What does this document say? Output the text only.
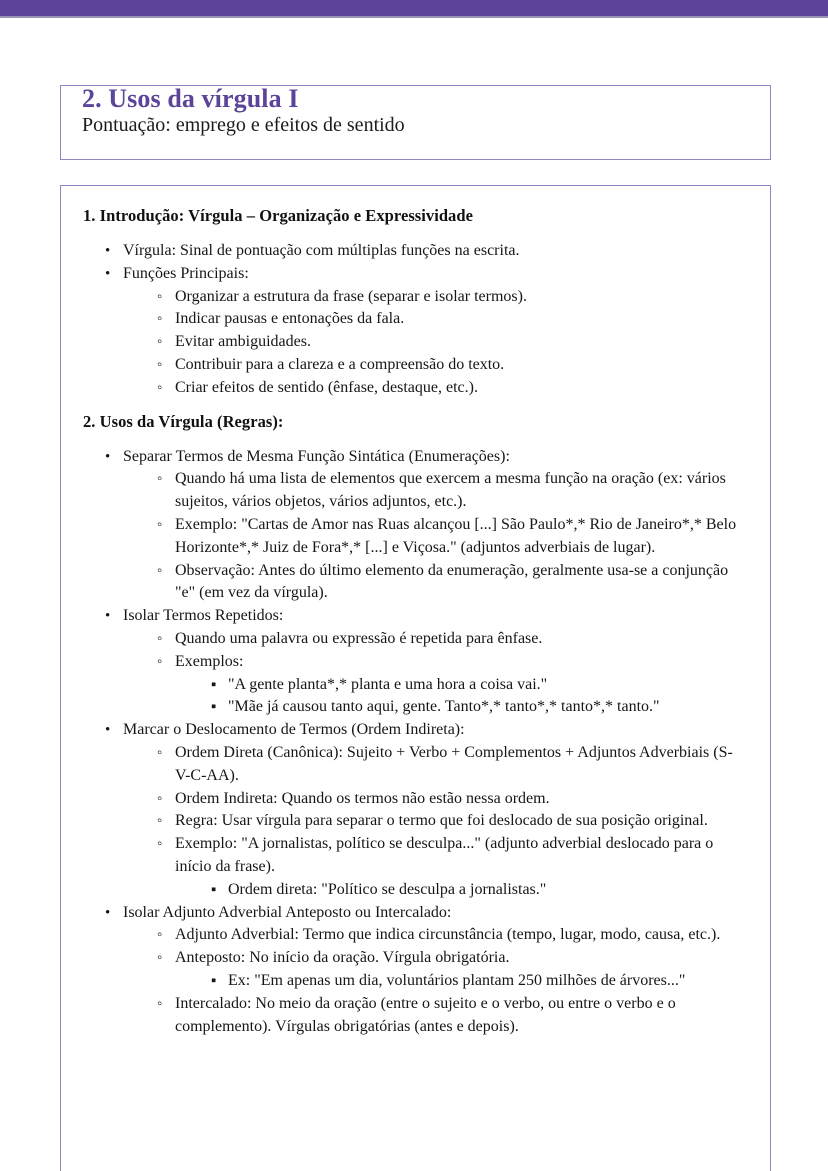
2. Usos da vírgula I
Pontuação: emprego e efeitos de sentido
1. Introdução: Vírgula – Organização e Expressividade
• Vírgula: Sinal de pontuação com múltiplas funções na escrita.
• Funções Principais:
◦ Organizar a estrutura da frase (separar e isolar termos).
◦ Indicar pausas e entonações da fala.
◦ Evitar ambiguidades.
◦ Contribuir para a clareza e a compreensão do texto.
◦ Criar efeitos de sentido (ênfase, destaque, etc.).
2. Usos da Vírgula (Regras):
• Separar Termos de Mesma Função Sintática (Enumerações):
◦ Quando há uma lista de elementos que exercem a mesma função na oração (ex: vários sujeitos, vários objetos, vários adjuntos, etc.).
◦ Exemplo: "Cartas de Amor nas Ruas alcançou [...] São Paulo*,* Rio de Janeiro*,* Belo Horizonte*,* Juiz de Fora*,* [...] e Viçosa." (adjuntos adverbiais de lugar).
◦ Observação: Antes do último elemento da enumeração, geralmente usa-se a conjunção "e" (em vez da vírgula).
• Isolar Termos Repetidos:
◦ Quando uma palavra ou expressão é repetida para ênfase.
◦ Exemplos:
▪ "A gente planta*,* planta e uma hora a coisa vai."
▪ "Mãe já causou tanto aqui, gente. Tanto*,* tanto*,* tanto*,* tanto."
• Marcar o Deslocamento de Termos (Ordem Indireta):
◦ Ordem Direta (Canônica): Sujeito + Verbo + Complementos + Adjuntos Adverbiais (S-V-C-AA).
◦ Ordem Indireta: Quando os termos não estão nessa ordem.
◦ Regra: Usar vírgula para separar o termo que foi deslocado de sua posição original.
◦ Exemplo: "A jornalistas, político se desculpa..." (adjunto adverbial deslocado para o início da frase).
▪ Ordem direta: "Político se desculpa a jornalistas."
• Isolar Adjunto Adverbial Anteposto ou Intercalado:
◦ Adjunto Adverbial: Termo que indica circunstância (tempo, lugar, modo, causa, etc.).
◦ Anteposto: No início da oração. Vírgula obrigatória.
▪ Ex: "Em apenas um dia, voluntários plantam 250 milhões de árvores..."
◦ Intercalado: No meio da oração (entre o sujeito e o verbo, ou entre o verbo e o complemento). Vírgulas obrigatórias (antes e depois).
